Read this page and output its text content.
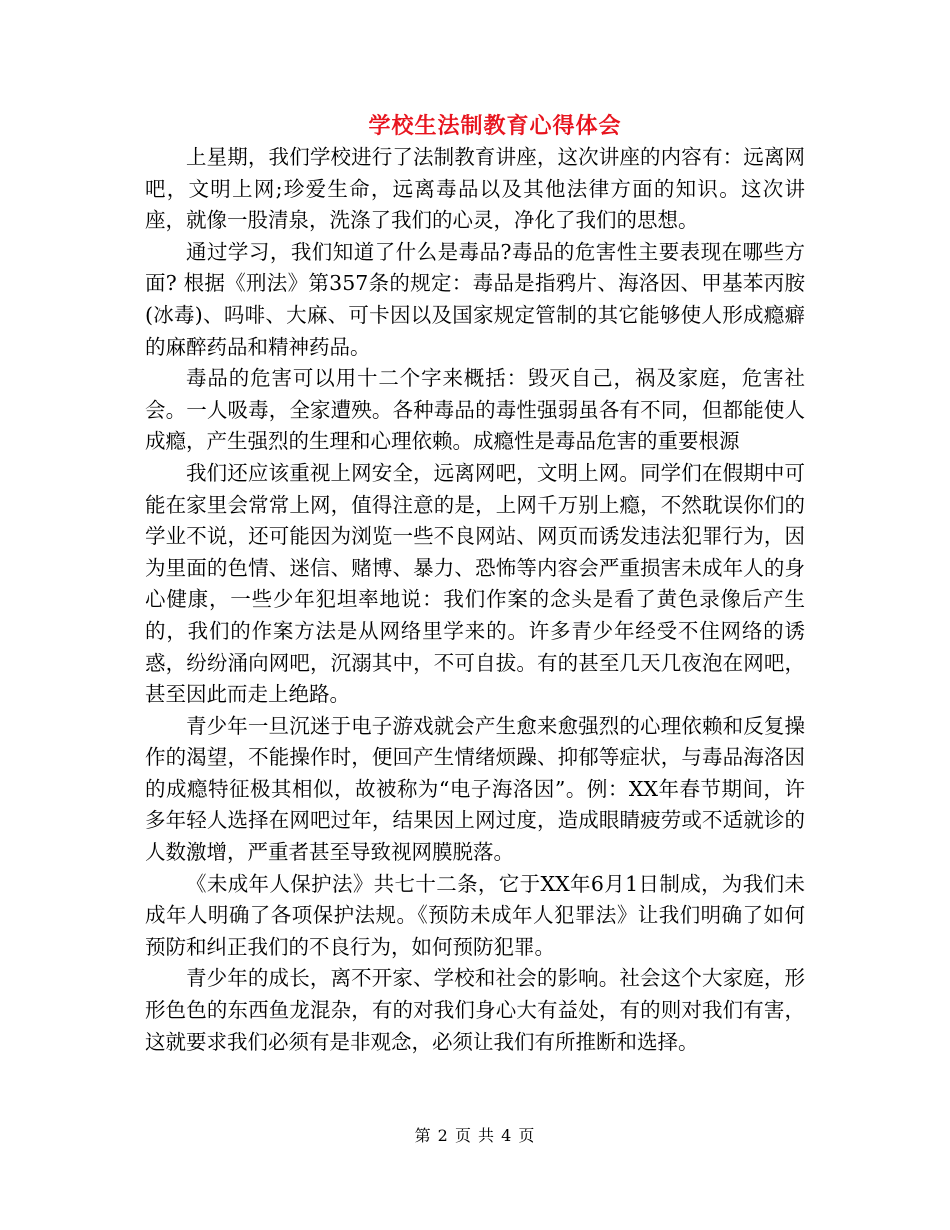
学校生法制教育心得体会

上星期，我们学校进行了法制教育讲座，这次讲座的内容有：远离网吧，文明上网;珍爱生命，远离毒品以及其他法律方面的知识。这次讲座，就像一股清泉，洗涤了我们的心灵，净化了我们的思想。

通过学习，我们知道了什么是毒品?毒品的危害性主要表现在哪些方面? 根据《刑法》第357条的规定：毒品是指鸦片、海洛因、甲基苯丙胺(冰毒)、吗啡、大麻、可卡因以及国家规定管制的其它能够使人形成瘾癖的麻醉药品和精神药品。

毒品的危害可以用十二个字来概括：毁灭自己，祸及家庭，危害社会。一人吸毒，全家遭殃。各种毒品的毒性强弱虽各有不同，但都能使人成瘾，产生强烈的生理和心理依赖。成瘾性是毒品危害的重要根源

我们还应该重视上网安全，远离网吧，文明上网。同学们在假期中可能在家里会常常上网，值得注意的是，上网千万别上瘾，不然耽误你们的学业不说，还可能因为浏览一些不良网站、网页而诱发违法犯罪行为，因为里面的色情、迷信、赌博、暴力、恐怖等内容会严重损害未成年人的身心健康，一些少年犯坦率地说：我们作案的念头是看了黄色录像后产生的，我们的作案方法是从网络里学来的。许多青少年经受不住网络的诱惑，纷纷涌向网吧，沉溺其中，不可自拔。有的甚至几天几夜泡在网吧，甚至因此而走上绝路。

青少年一旦沉迷于电子游戏就会产生愈来愈强烈的心理依赖和反复操作的渴望，不能操作时，便回产生情绪烦躁、抑郁等症状，与毒品海洛因的成瘾特征极其相似，故被称为“电子海洛因”。例：XX年春节期间，许多年轻人选择在网吧过年，结果因上网过度，造成眼睛疲劳或不适就诊的人数激增，严重者甚至导致视网膜脱落。

《未成年人保护法》共七十二条，它于XX年6月1日制成，为我们未成年人明确了各项保护法规。《预防未成年人犯罪法》让我们明确了如何预防和纠正我们的不良行为，如何预防犯罪。

青少年的成长，离不开家、学校和社会的影响。社会这个大家庭，形形色色的东西鱼龙混杂，有的对我们身心大有益处，有的则对我们有害，这就要求我们必须有是非观念，必须让我们有所推断和选择。

第 2 页 共 4 页
